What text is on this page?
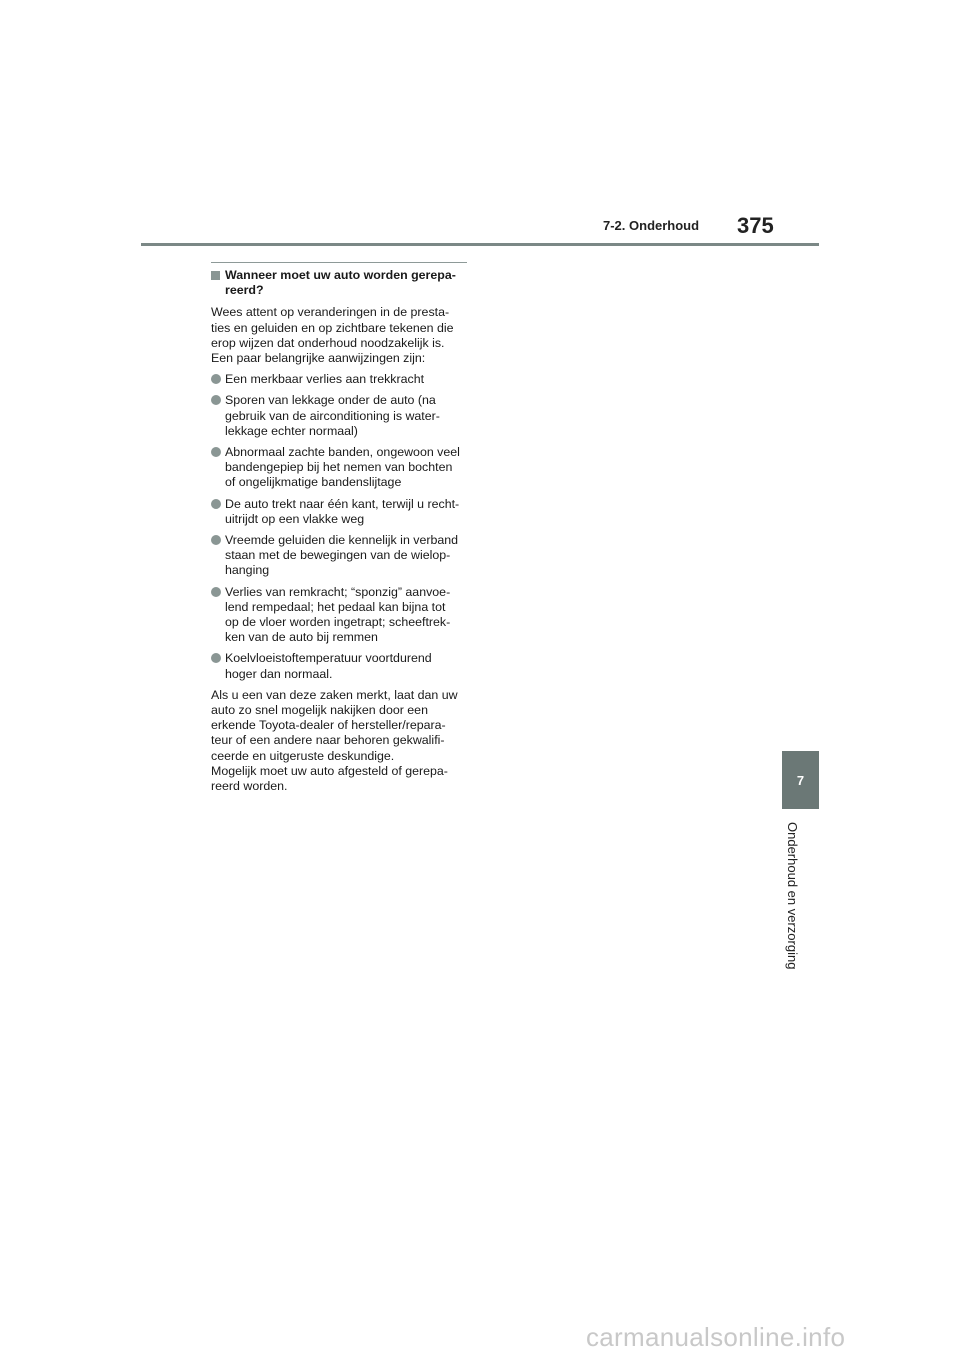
7-2. Onderhoud 375
7
Onderhoud en verzorging
Wanneer moet uw auto worden gerepa-
reerd?

Wees attent op veranderingen in de presta-
ties en geluiden en op zichtbare tekenen die
erop wijzen dat onderhoud noodzakelijk is.
Een paar belangrijke aanwijzingen zijn:

Een merkbaar verlies aan trekkracht
Sporen van lekkage onder de auto (na
gebruik van de airconditioning is water-
lekkage echter normaal)
Abnormaal zachte banden, ongewoon veel
bandengepiep bij het nemen van bochten
of ongelijkmatige bandenslijtage
De auto trekt naar één kant, terwijl u recht-
uitrijdt op een vlakke weg
Vreemde geluiden die kennelijk in verband
staan met de bewegingen van de wielop-
hanging
Verlies van remkracht; “sponzig” aanvoe-
lend rempedaal; het pedaal kan bijna tot
op de vloer worden ingetrapt; scheeftrek-
ken van de auto bij remmen
Koelvloeistoftemperatuur voortdurend
hoger dan normaal.

Als u een van deze zaken merkt, laat dan uw
auto zo snel mogelijk nakijken door een
erkende Toyota-dealer of hersteller/repara-
teur of een andere naar behoren gekwalifi-
ceerde en uitgeruste deskundige.
Mogelijk moet uw auto afgesteld of gerepa-
reerd worden.

carmanualsonline.info
